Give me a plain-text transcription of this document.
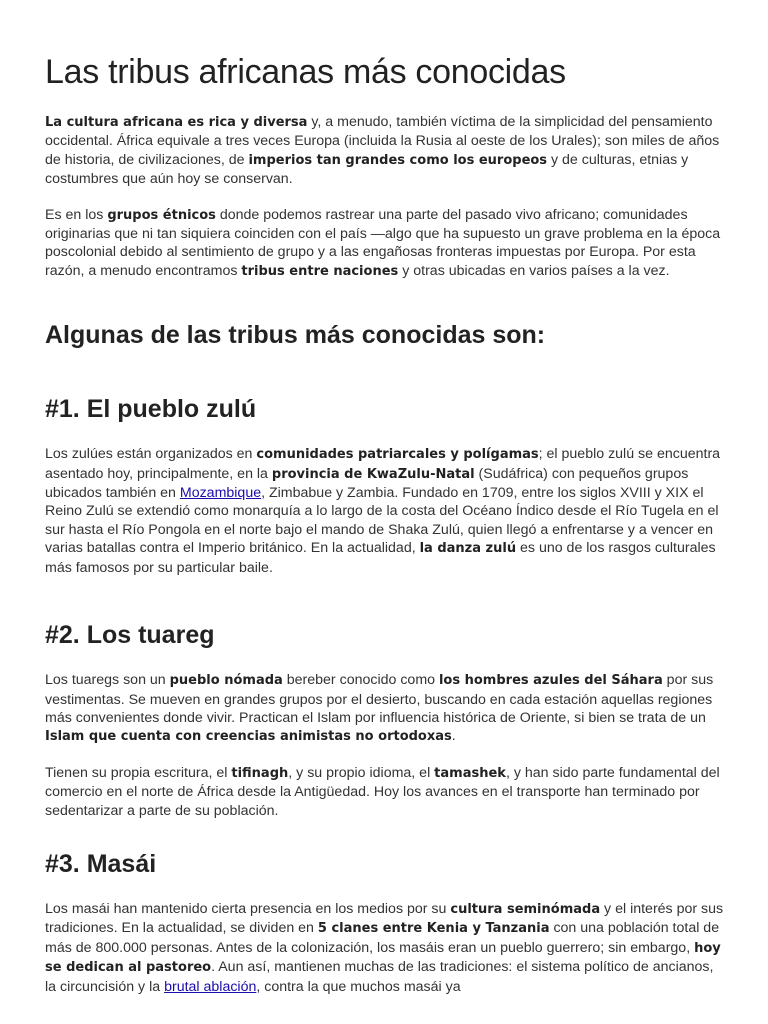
Las tribus africanas más conocidas

La cultura africana es rica y diversa y, a menudo, también víctima de la simplicidad del pensamiento occidental. África equivale a tres veces Europa (incluida la Rusia al oeste de los Urales); son miles de años de historia, de civilizaciones, de imperios tan grandes como los europeos y de culturas, etnias y costumbres que aún hoy se conservan.

Es en los grupos étnicos donde podemos rastrear una parte del pasado vivo africano; comunidades originarias que ni tan siquiera coinciden con el país —algo que ha supuesto un grave problema en la época poscolonial debido al sentimiento de grupo y a las engañosas fronteras impuestas por Europa. Por esta razón, a menudo encontramos tribus entre naciones y otras ubicadas en varios países a la vez.

Algunas de las tribus más conocidas son:
#1. El pueblo zulú

Los zulúes están organizados en comunidades patriarcales y polígamas; el pueblo zulú se encuentra asentado hoy, principalmente, en la provincia de KwaZulu-Natal (Sudáfrica) con pequeños grupos ubicados también en Mozambique, Zimbabue y Zambia. Fundado en 1709, entre los siglos XVIII y XIX el Reino Zulú se extendió como monarquía a lo largo de la costa del Océano Índico desde el Río Tugela en el sur hasta el Río Pongola en el norte bajo el mando de Shaka Zulú, quien llegó a enfrentarse y a vencer en varias batallas contra el Imperio británico. En la actualidad, la danza zulú es uno de los rasgos culturales más famosos por su particular baile.

#2. Los tuareg

Los tuaregs son un pueblo nómada bereber conocido como los hombres azules del Sáhara por sus vestimentas. Se mueven en grandes grupos por el desierto, buscando en cada estación aquellas regiones más convenientes donde vivir. Practican el Islam por influencia histórica de Oriente, si bien se trata de un Islam que cuenta con creencias animistas no ortodoxas.

Tienen su propia escritura, el tifinagh, y su propio idioma, el tamashek, y han sido parte fundamental del comercio en el norte de África desde la Antigüedad. Hoy los avances en el transporte han terminado por sedentarizar a parte de su población.

#3. Masái

Los masái han mantenido cierta presencia en los medios por su cultura seminómada y el interés por sus tradiciones. En la actualidad, se dividen en 5 clanes entre Kenia y Tanzania con una población total de más de 800.000 personas. Antes de la colonización, los masáis eran un pueblo guerrero; sin embargo, hoy se dedican al pastoreo. Aun así, mantienen muchas de las tradiciones: el sistema político de ancianos, la circuncisión y la brutal ablación, contra la que muchos masái ya
